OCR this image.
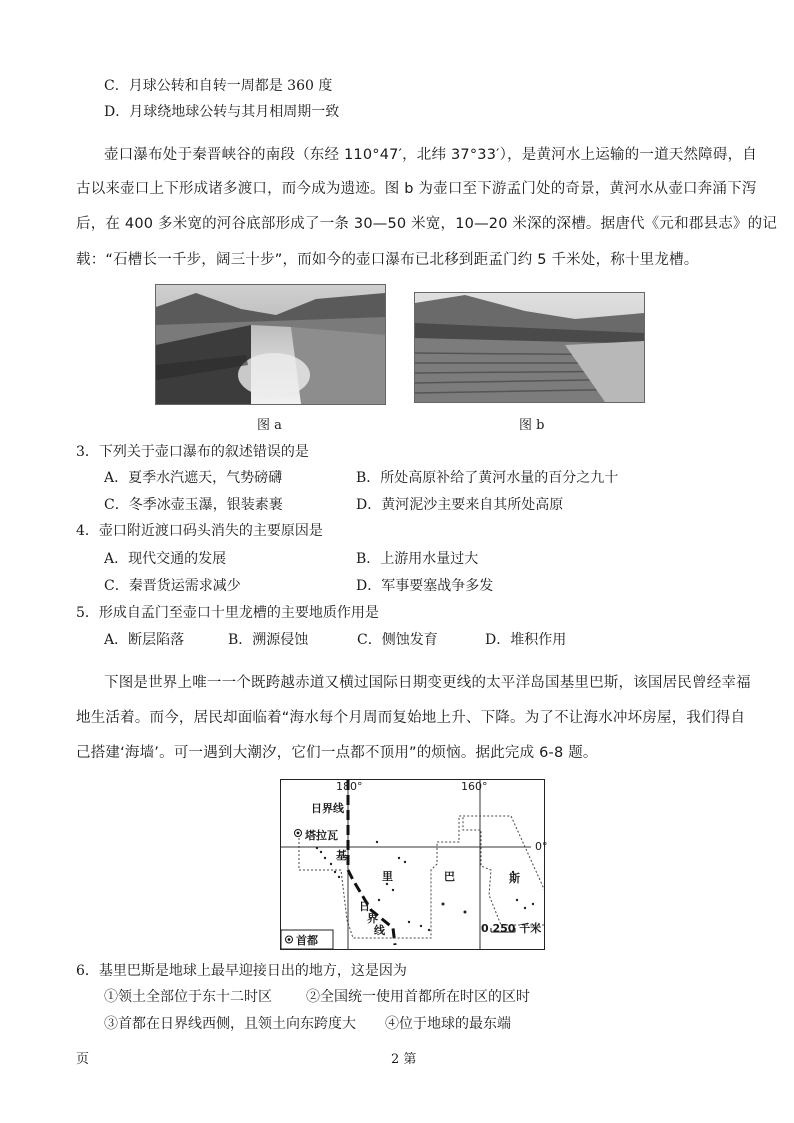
C．月球公转和自转一周都是 360 度
D．月球绕地球公转与其月相周期一致
壶口瀑布处于秦晋峡谷的南段（东经 110°47′，北纬 37°33′），是黄河水上运输的一道天然障碍，自
古以来壶口上下形成诸多渡口，而今成为遗迹。图 b 为壶口至下游孟门处的奇景，黄河水从壶口奔涌下泻
后，在 400 多米宽的河谷底部形成了一条 30—50 米宽，10—20 米深的深槽。据唐代《元和郡县志》的记
载：“石槽长一千步，阔三十步”，而如今的壶口瀑布已北移到距孟门约 5 千米处，称十里龙槽。
图 a	图 b
3．下列关于壶口瀑布的叙述错误的是
A．夏季水汽遮天，气势磅礴	B．所处高原补给了黄河水量的百分之九十
C．冬季冰壶玉瀑，银装素裹	D．黄河泥沙主要来自其所处高原
4．壶口附近渡口码头消失的主要原因是
A．现代交通的发展	B．上游用水量过大
C．秦晋货运需求减少	D．军事要塞战争多发
5．形成自孟门至壶口十里龙槽的主要地质作用是
A．断层陷落	B．溯源侵蚀	C．侧蚀发育	D．堆积作用
下图是世界上唯一一个既跨越赤道又横过国际日期变更线的太平洋岛国基里巴斯，该国居民曾经幸福
地生活着。而今，居民却面临着“海水每个月周而复始地上升、下降。为了不让海水冲坏房屋，我们得自
己搭建‘海墙’。可一遇到大潮汐，它们一点都不顶用”的烦恼。据此完成 6-8 题。
180°	160°
0°
日界线
塔拉瓦
基
里	巴	斯
日
界
线	0 250 千米
首都
6．基里巴斯是地球上最早迎接日出的地方，这是因为
①领土全部位于东十二时区 ②全国统一使用首都所在时区的区时
③首都在日界线西侧，且领土向东跨度大 ④位于地球的最东端
页	2 第
